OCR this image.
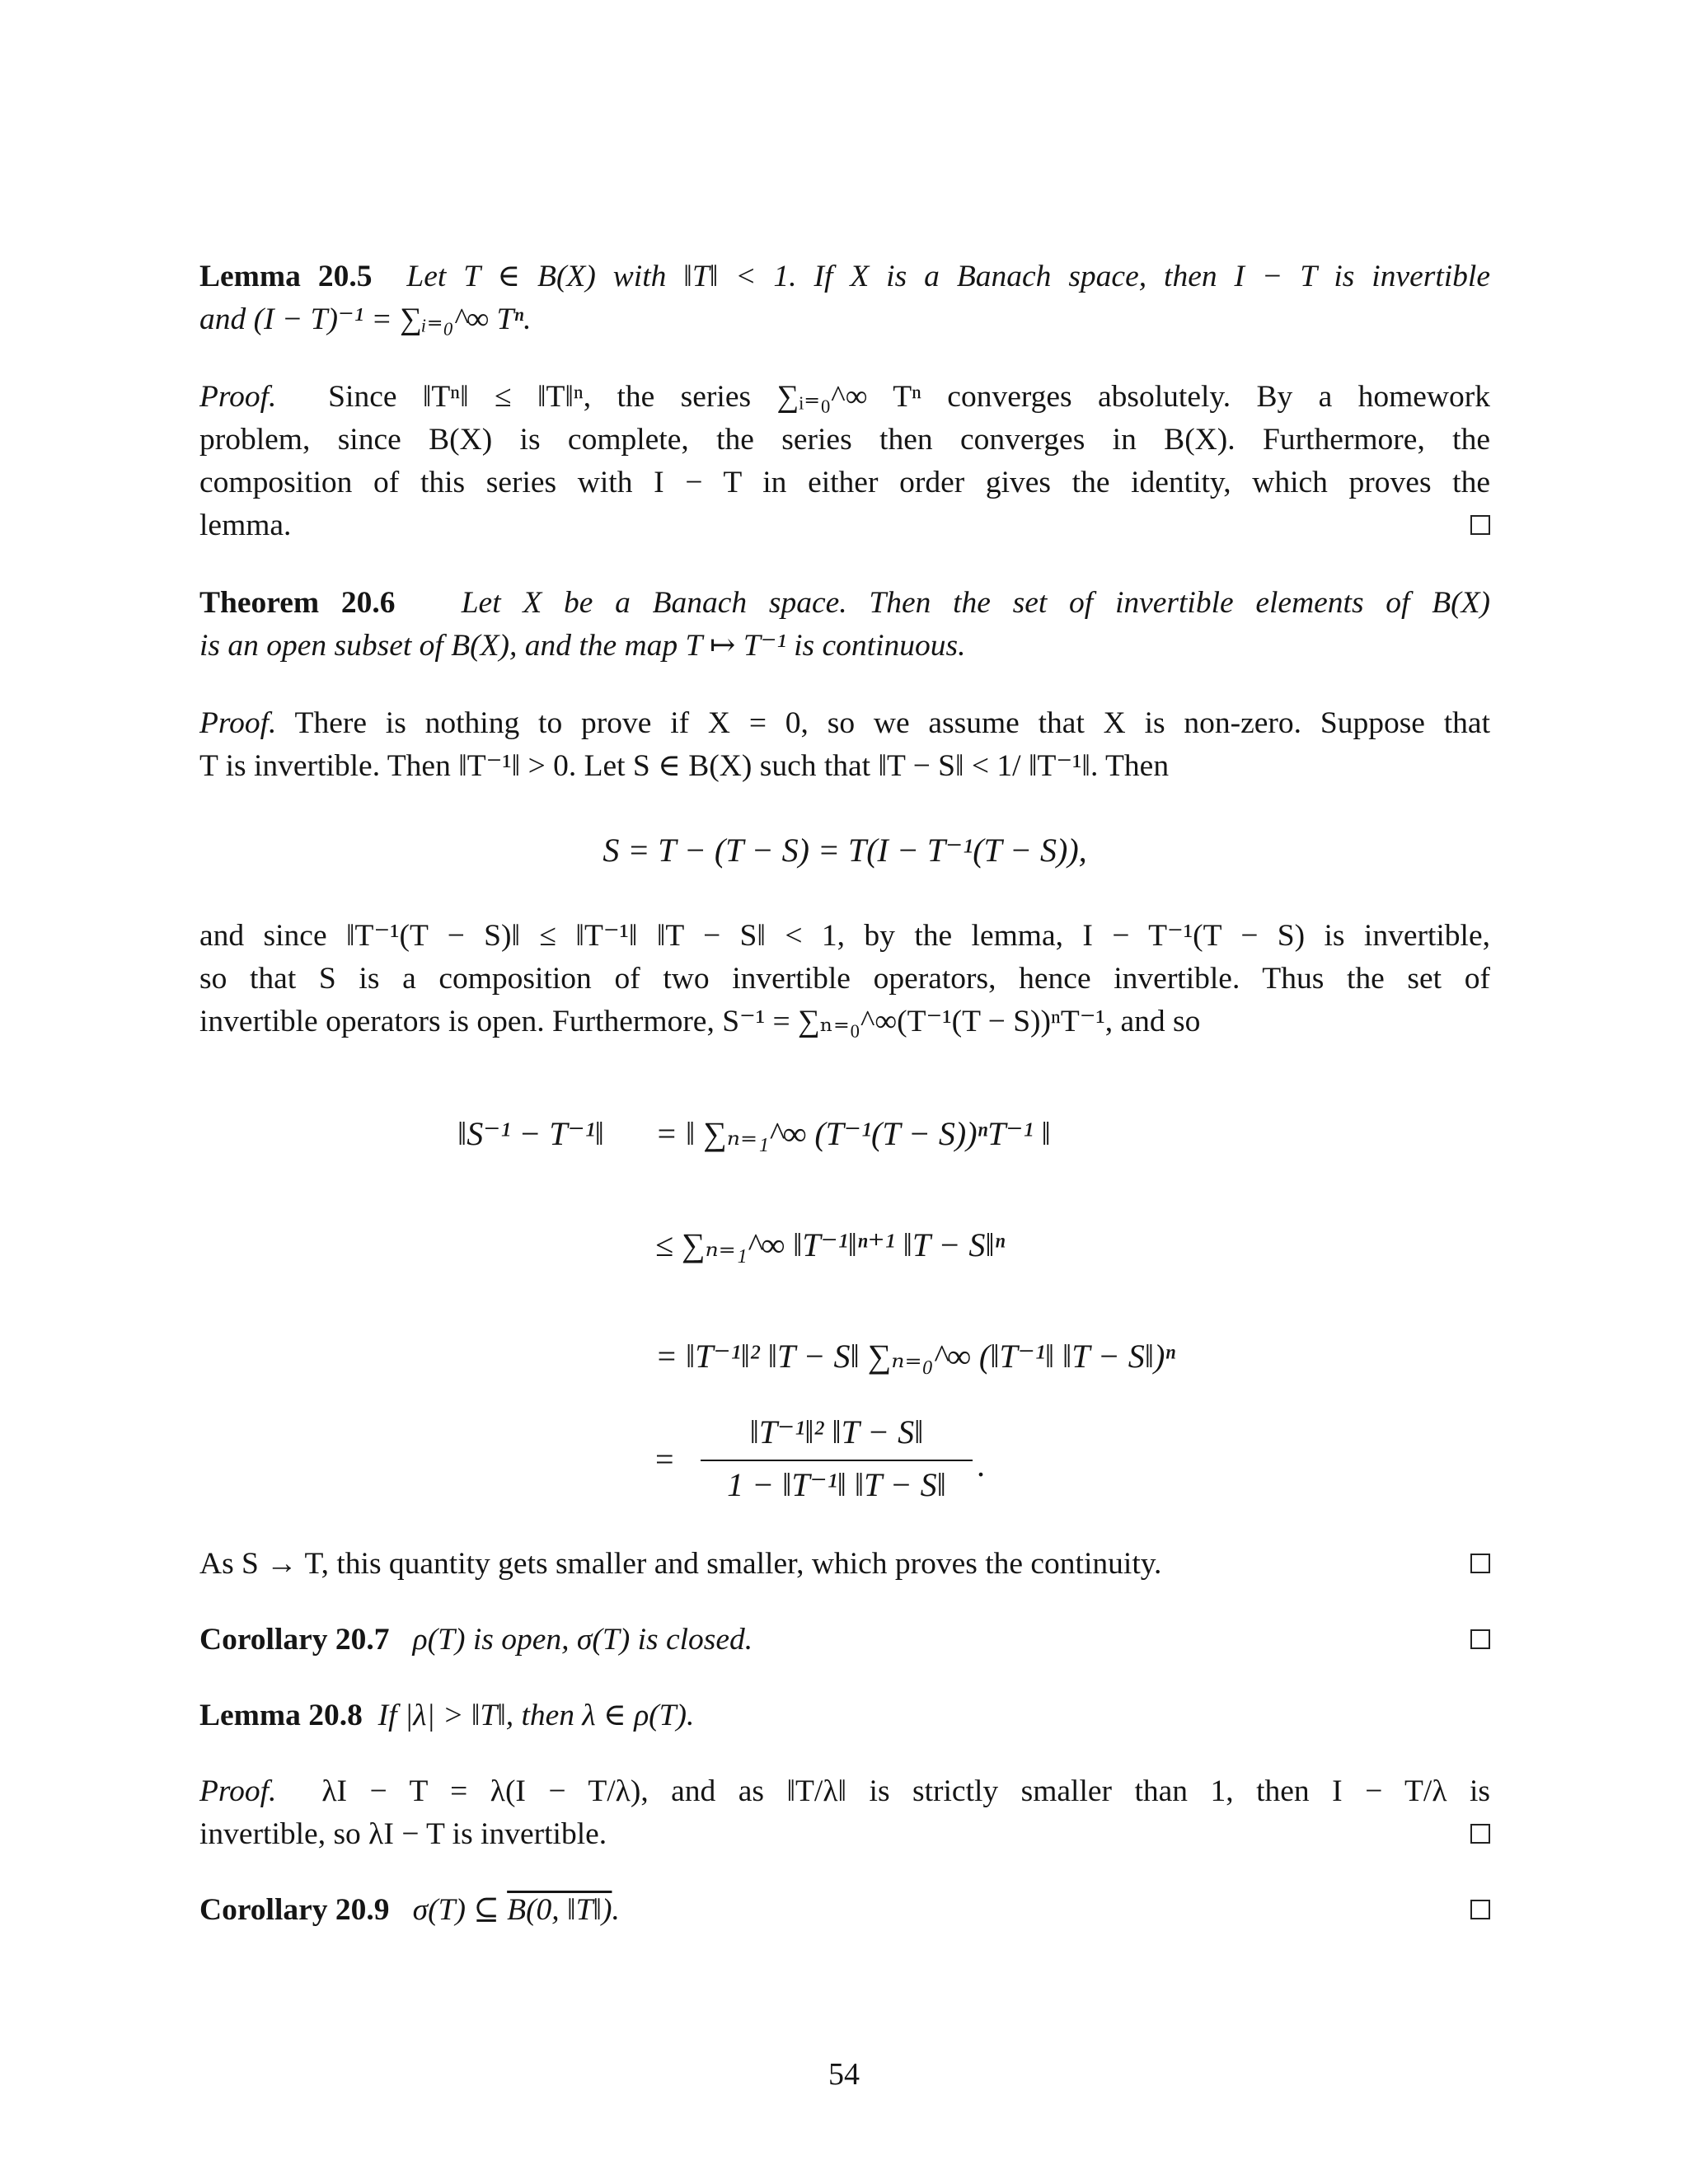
Lemma 20.5 Let T ∈ B(X) with ‖T‖ < 1. If X is a Banach space, then I − T is invertible
and (I − T)⁻¹ = ∑ᵢ₌₀^∞ Tⁿ.
Proof. Since ‖Tⁿ‖ ≤ ‖T‖ⁿ, the series ∑ᵢ₌₀^∞ Tⁿ converges absolutely. By a homework
problem, since B(X) is complete, the series then converges in B(X). Furthermore, the
composition of this series with I − T in either order gives the identity, which proves the
lemma.
Theorem 20.6 Let X be a Banach space. Then the set of invertible elements of B(X)
is an open subset of B(X), and the map T ↦ T⁻¹ is continuous.
Proof. There is nothing to prove if X = 0, so we assume that X is non-zero. Suppose that
T is invertible. Then ‖T⁻¹‖ > 0. Let S ∈ B(X) such that ‖T − S‖ < 1/ ‖T⁻¹‖. Then
S = T − (T − S) = T(I − T⁻¹(T − S)),
and since ‖T⁻¹(T − S)‖ ≤ ‖T⁻¹‖ ‖T − S‖ < 1, by the lemma, I − T⁻¹(T − S) is invertible,
so that S is a composition of two invertible operators, hence invertible. Thus the set of
invertible operators is open. Furthermore, S⁻¹ = ∑ₙ₌₀^∞(T⁻¹(T − S))ⁿT⁻¹, and so
‖S⁻¹ − T⁻¹‖ = ‖ ∑ₙ₌₁^∞ (T⁻¹(T − S))ⁿT⁻¹ ‖
≤ ∑ₙ₌₁^∞ ‖T⁻¹‖ⁿ⁺¹ ‖T − S‖ⁿ
= ‖T⁻¹‖² ‖T − S‖ ∑ₙ₌₀^∞ (‖T⁻¹‖ ‖T − S‖)ⁿ
=
‖T⁻¹‖² ‖T − S‖
1 − ‖T⁻¹‖ ‖T − S‖
.
As S → T, this quantity gets smaller and smaller, which proves the continuity.
Corollary 20.7 ρ(T) is open, σ(T) is closed.
Lemma 20.8 If |λ| > ‖T‖, then λ ∈ ρ(T).
Proof. λI − T = λ(I − T/λ), and as ‖T/λ‖ is strictly smaller than 1, then I − T/λ is
invertible, so λI − T is invertible.
Corollary 20.9 σ(T) ⊆ B(0, ‖T‖).
54
